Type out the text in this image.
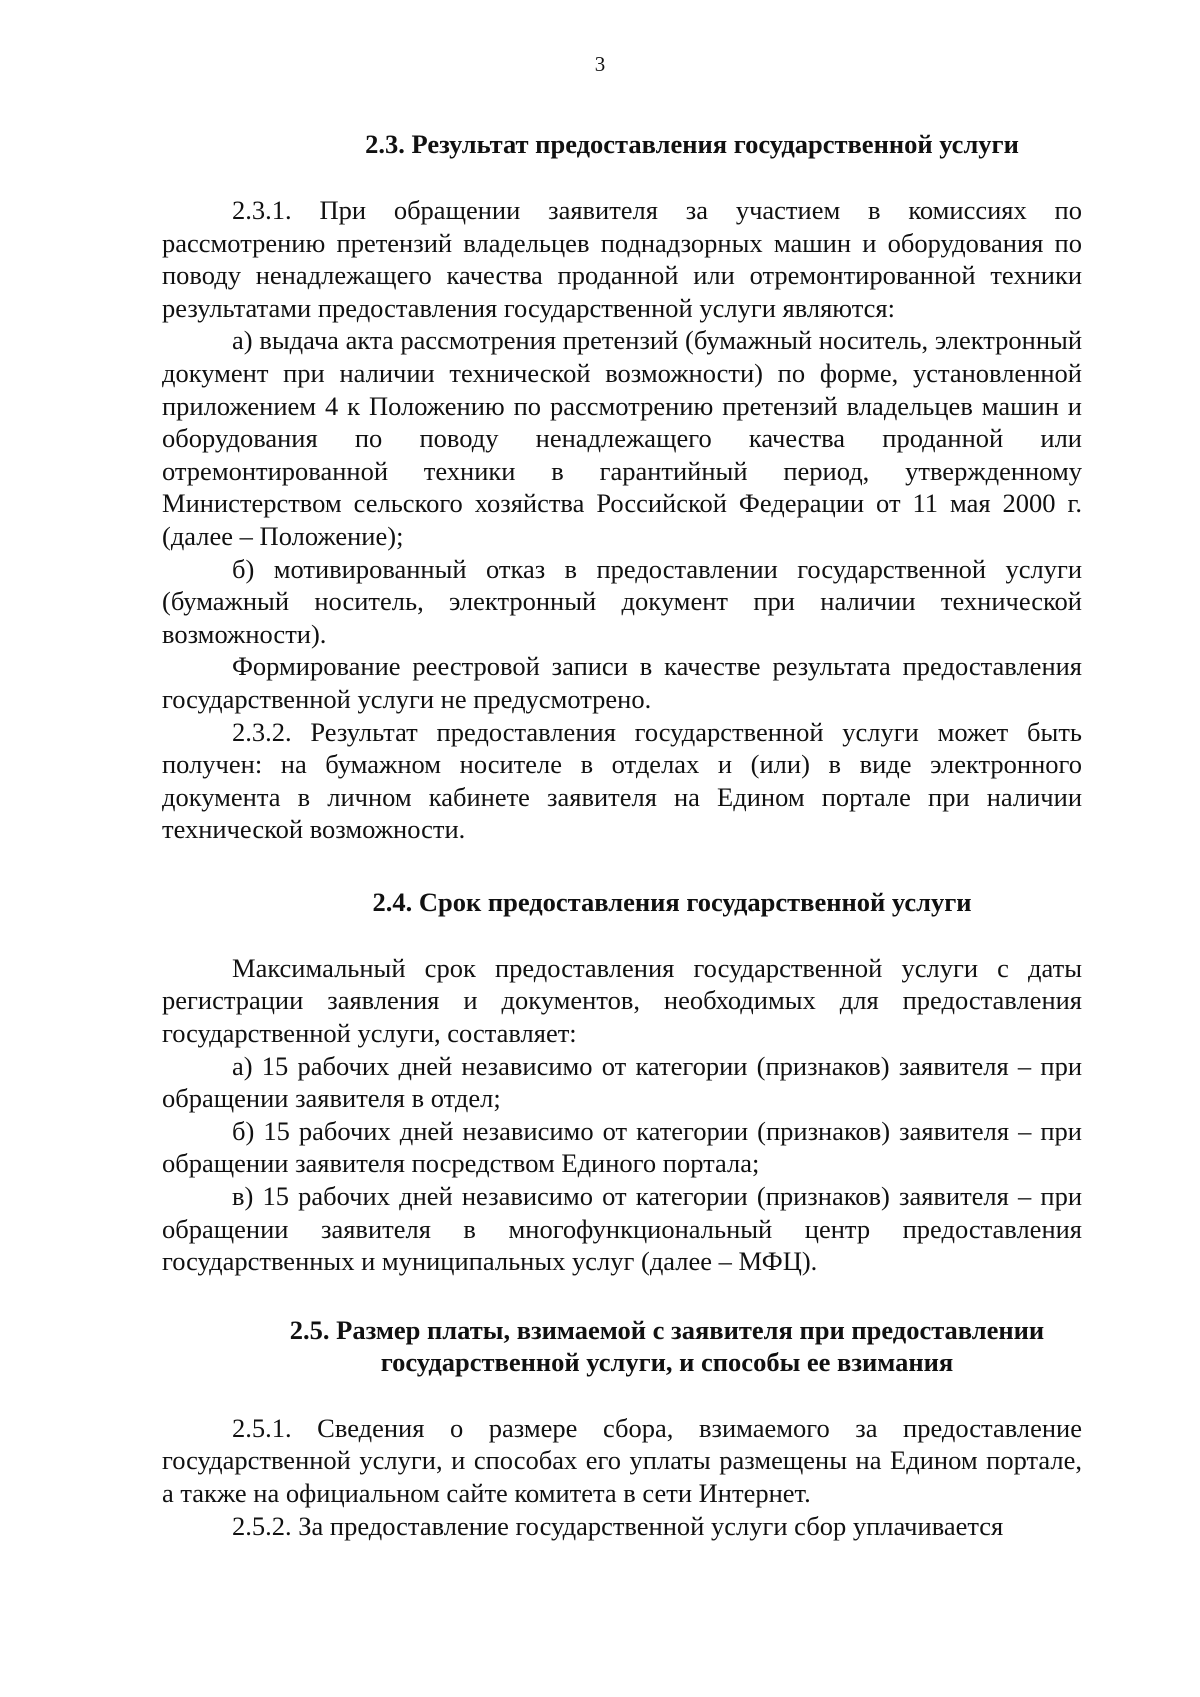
3
2.3. Результат предоставления государственной услуги

2.3.1. При обращении заявителя за участием в комиссиях по рассмотрению претензий владельцев поднадзорных машин и оборудования по поводу ненадлежащего качества проданной или отремонтированной техники результатами предоставления государственной услуги являются:

а) выдача акта рассмотрения претензий (бумажный носитель, электронный документ при наличии технической возможности) по форме, установленной приложением 4 к Положению по рассмотрению претензий владельцев машин и оборудования по поводу ненадлежащего качества проданной или отремонтированной техники в гарантийный период, утвержденному Министерством сельского хозяйства Российской Федерации от 11 мая 2000 г. (далее – Положение);

б) мотивированный отказ в предоставлении государственной услуги (бумажный носитель, электронный документ при наличии технической возможности).

Формирование реестровой записи в качестве результата предоставления государственной услуги не предусмотрено.

2.3.2. Результат предоставления государственной услуги может быть получен: на бумажном носителе в отделах и (или) в виде электронного документа в личном кабинете заявителя на Едином портале при наличии технической возможности.

2.4. Срок предоставления государственной услуги

Максимальный срок предоставления государственной услуги с даты регистрации заявления и документов, необходимых для предоставления государственной услуги, составляет:

а) 15 рабочих дней независимо от категории (признаков) заявителя – при обращении заявителя в отдел;

б) 15 рабочих дней независимо от категории (признаков) заявителя – при обращении заявителя посредством Единого портала;

в) 15 рабочих дней независимо от категории (признаков) заявителя – при обращении заявителя в многофункциональный центр предоставления государственных и муниципальных услуг (далее – МФЦ).

2.5. Размер платы, взимаемой с заявителя при предоставлении
государственной услуги, и способы ее взимания

2.5.1. Сведения о размере сбора, взимаемого за предоставление государственной услуги, и способах его уплаты размещены на Едином портале, а также на официальном сайте комитета в сети Интернет.

2.5.2. За предоставление государственной услуги сбор уплачивается
